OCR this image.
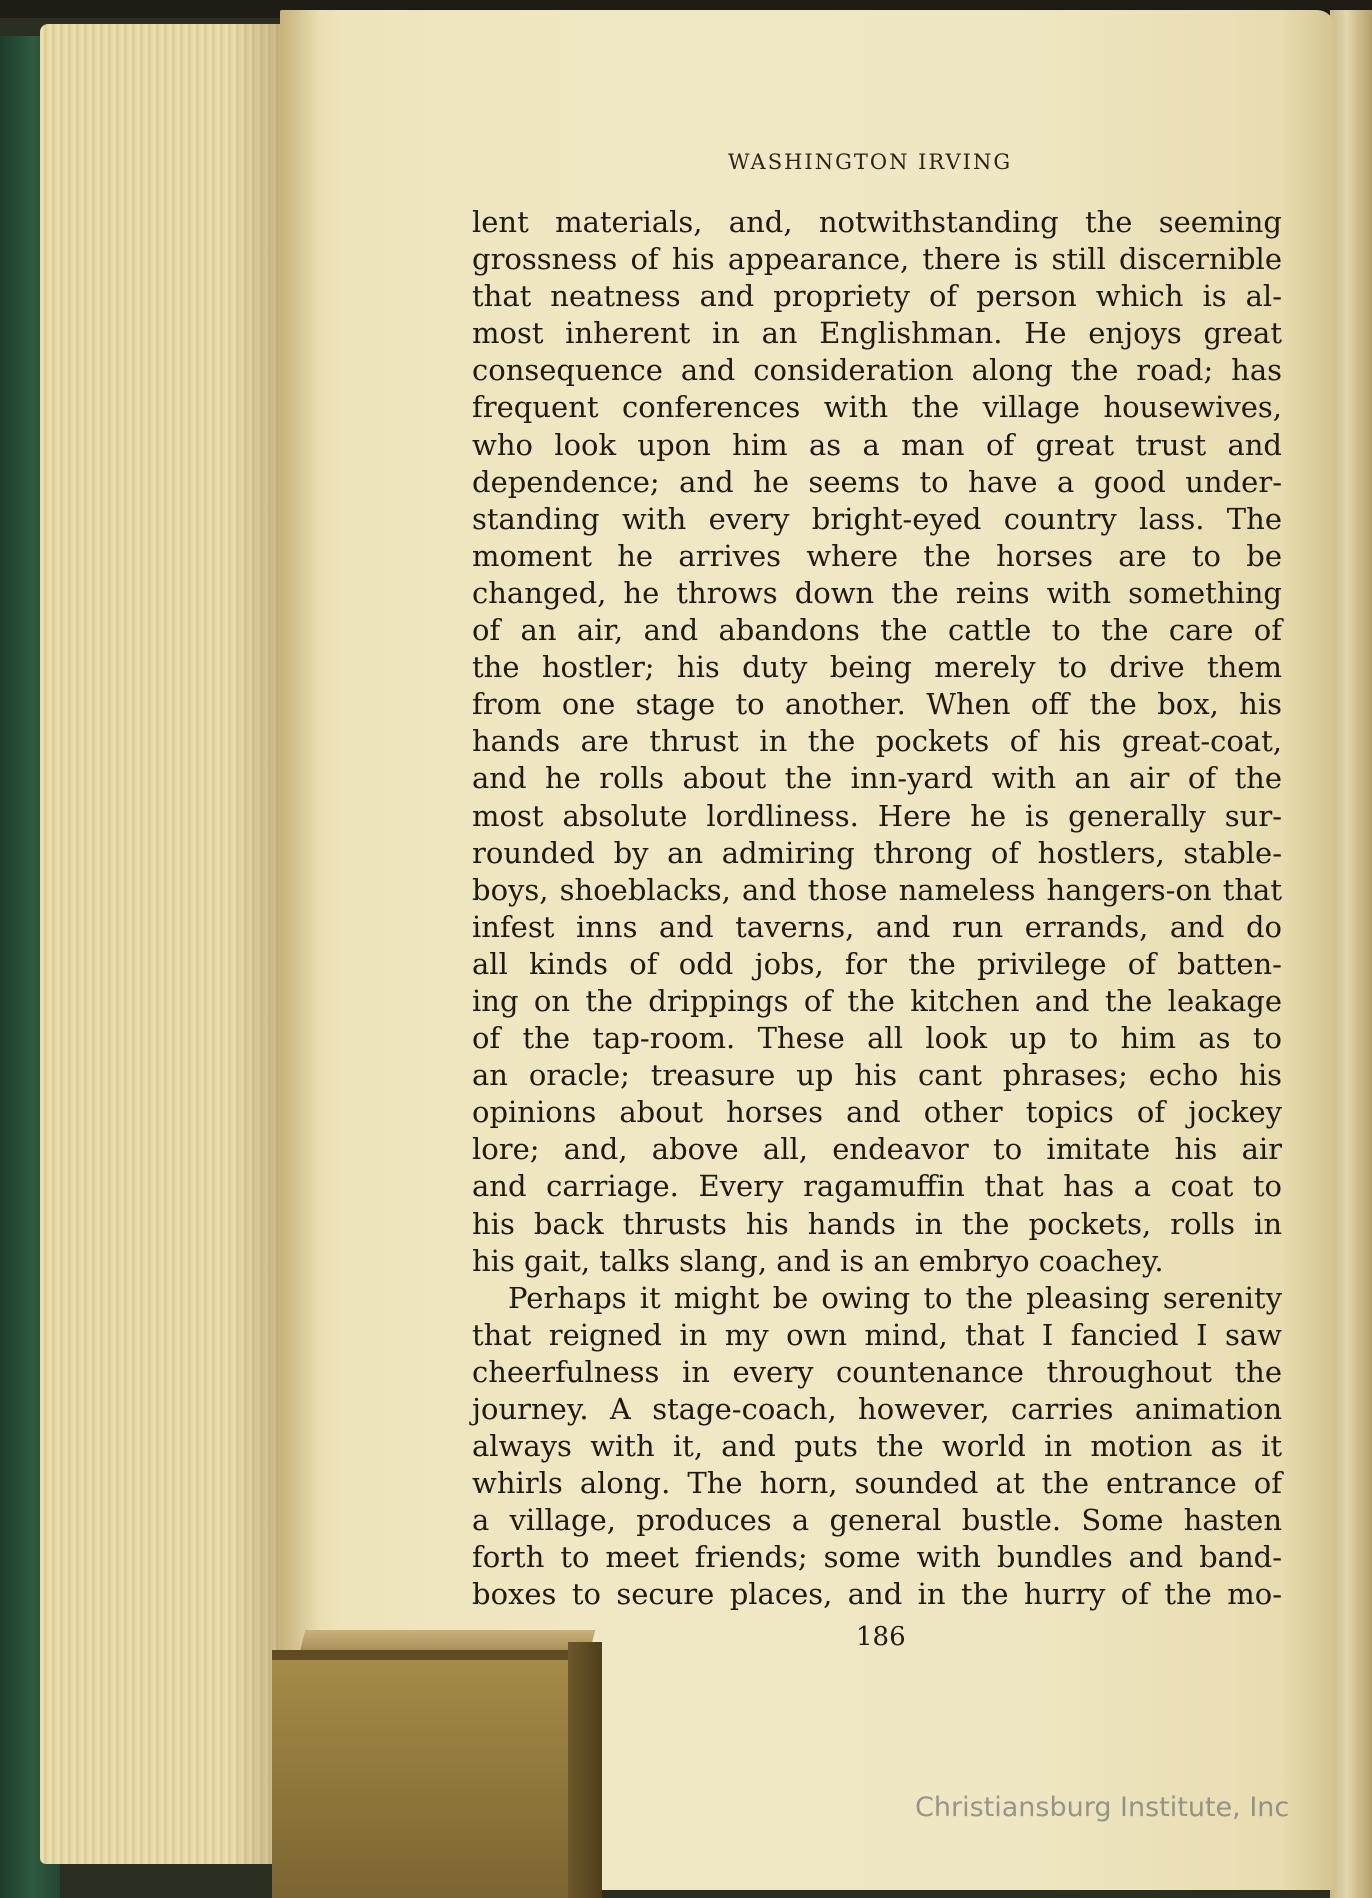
WASHINGTON IRVING
lent materials, and, notwithstanding the seeming
grossness of his appearance, there is still discernible
that neatness and propriety of person which is al-
most inherent in an Englishman. He enjoys great
consequence and consideration along the road; has
frequent conferences with the village housewives,
who look upon him as a man of great trust and
dependence; and he seems to have a good under-
standing with every bright-eyed country lass. The
moment he arrives where the horses are to be
changed, he throws down the reins with something
of an air, and abandons the cattle to the care of
the hostler; his duty being merely to drive them
from one stage to another. When off the box, his
hands are thrust in the pockets of his great-coat,
and he rolls about the inn-yard with an air of the
most absolute lordliness. Here he is generally sur-
rounded by an admiring throng of hostlers, stable-
boys, shoeblacks, and those nameless hangers-on that
infest inns and taverns, and run errands, and do
all kinds of odd jobs, for the privilege of batten-
ing on the drippings of the kitchen and the leakage
of the tap-room. These all look up to him as to
an oracle; treasure up his cant phrases; echo his
opinions about horses and other topics of jockey
lore; and, above all, endeavor to imitate his air
and carriage. Every ragamuffin that has a coat to
his back thrusts his hands in the pockets, rolls in
his gait, talks slang, and is an embryo coachey.
Perhaps it might be owing to the pleasing serenity
that reigned in my own mind, that I fancied I saw
cheerfulness in every countenance throughout the
journey. A stage-coach, however, carries animation
always with it, and puts the world in motion as it
whirls along. The horn, sounded at the entrance of
a village, produces a general bustle. Some hasten
forth to meet friends; some with bundles and band-
boxes to secure places, and in the hurry of the mo-
186
Christiansburg Institute, Inc
